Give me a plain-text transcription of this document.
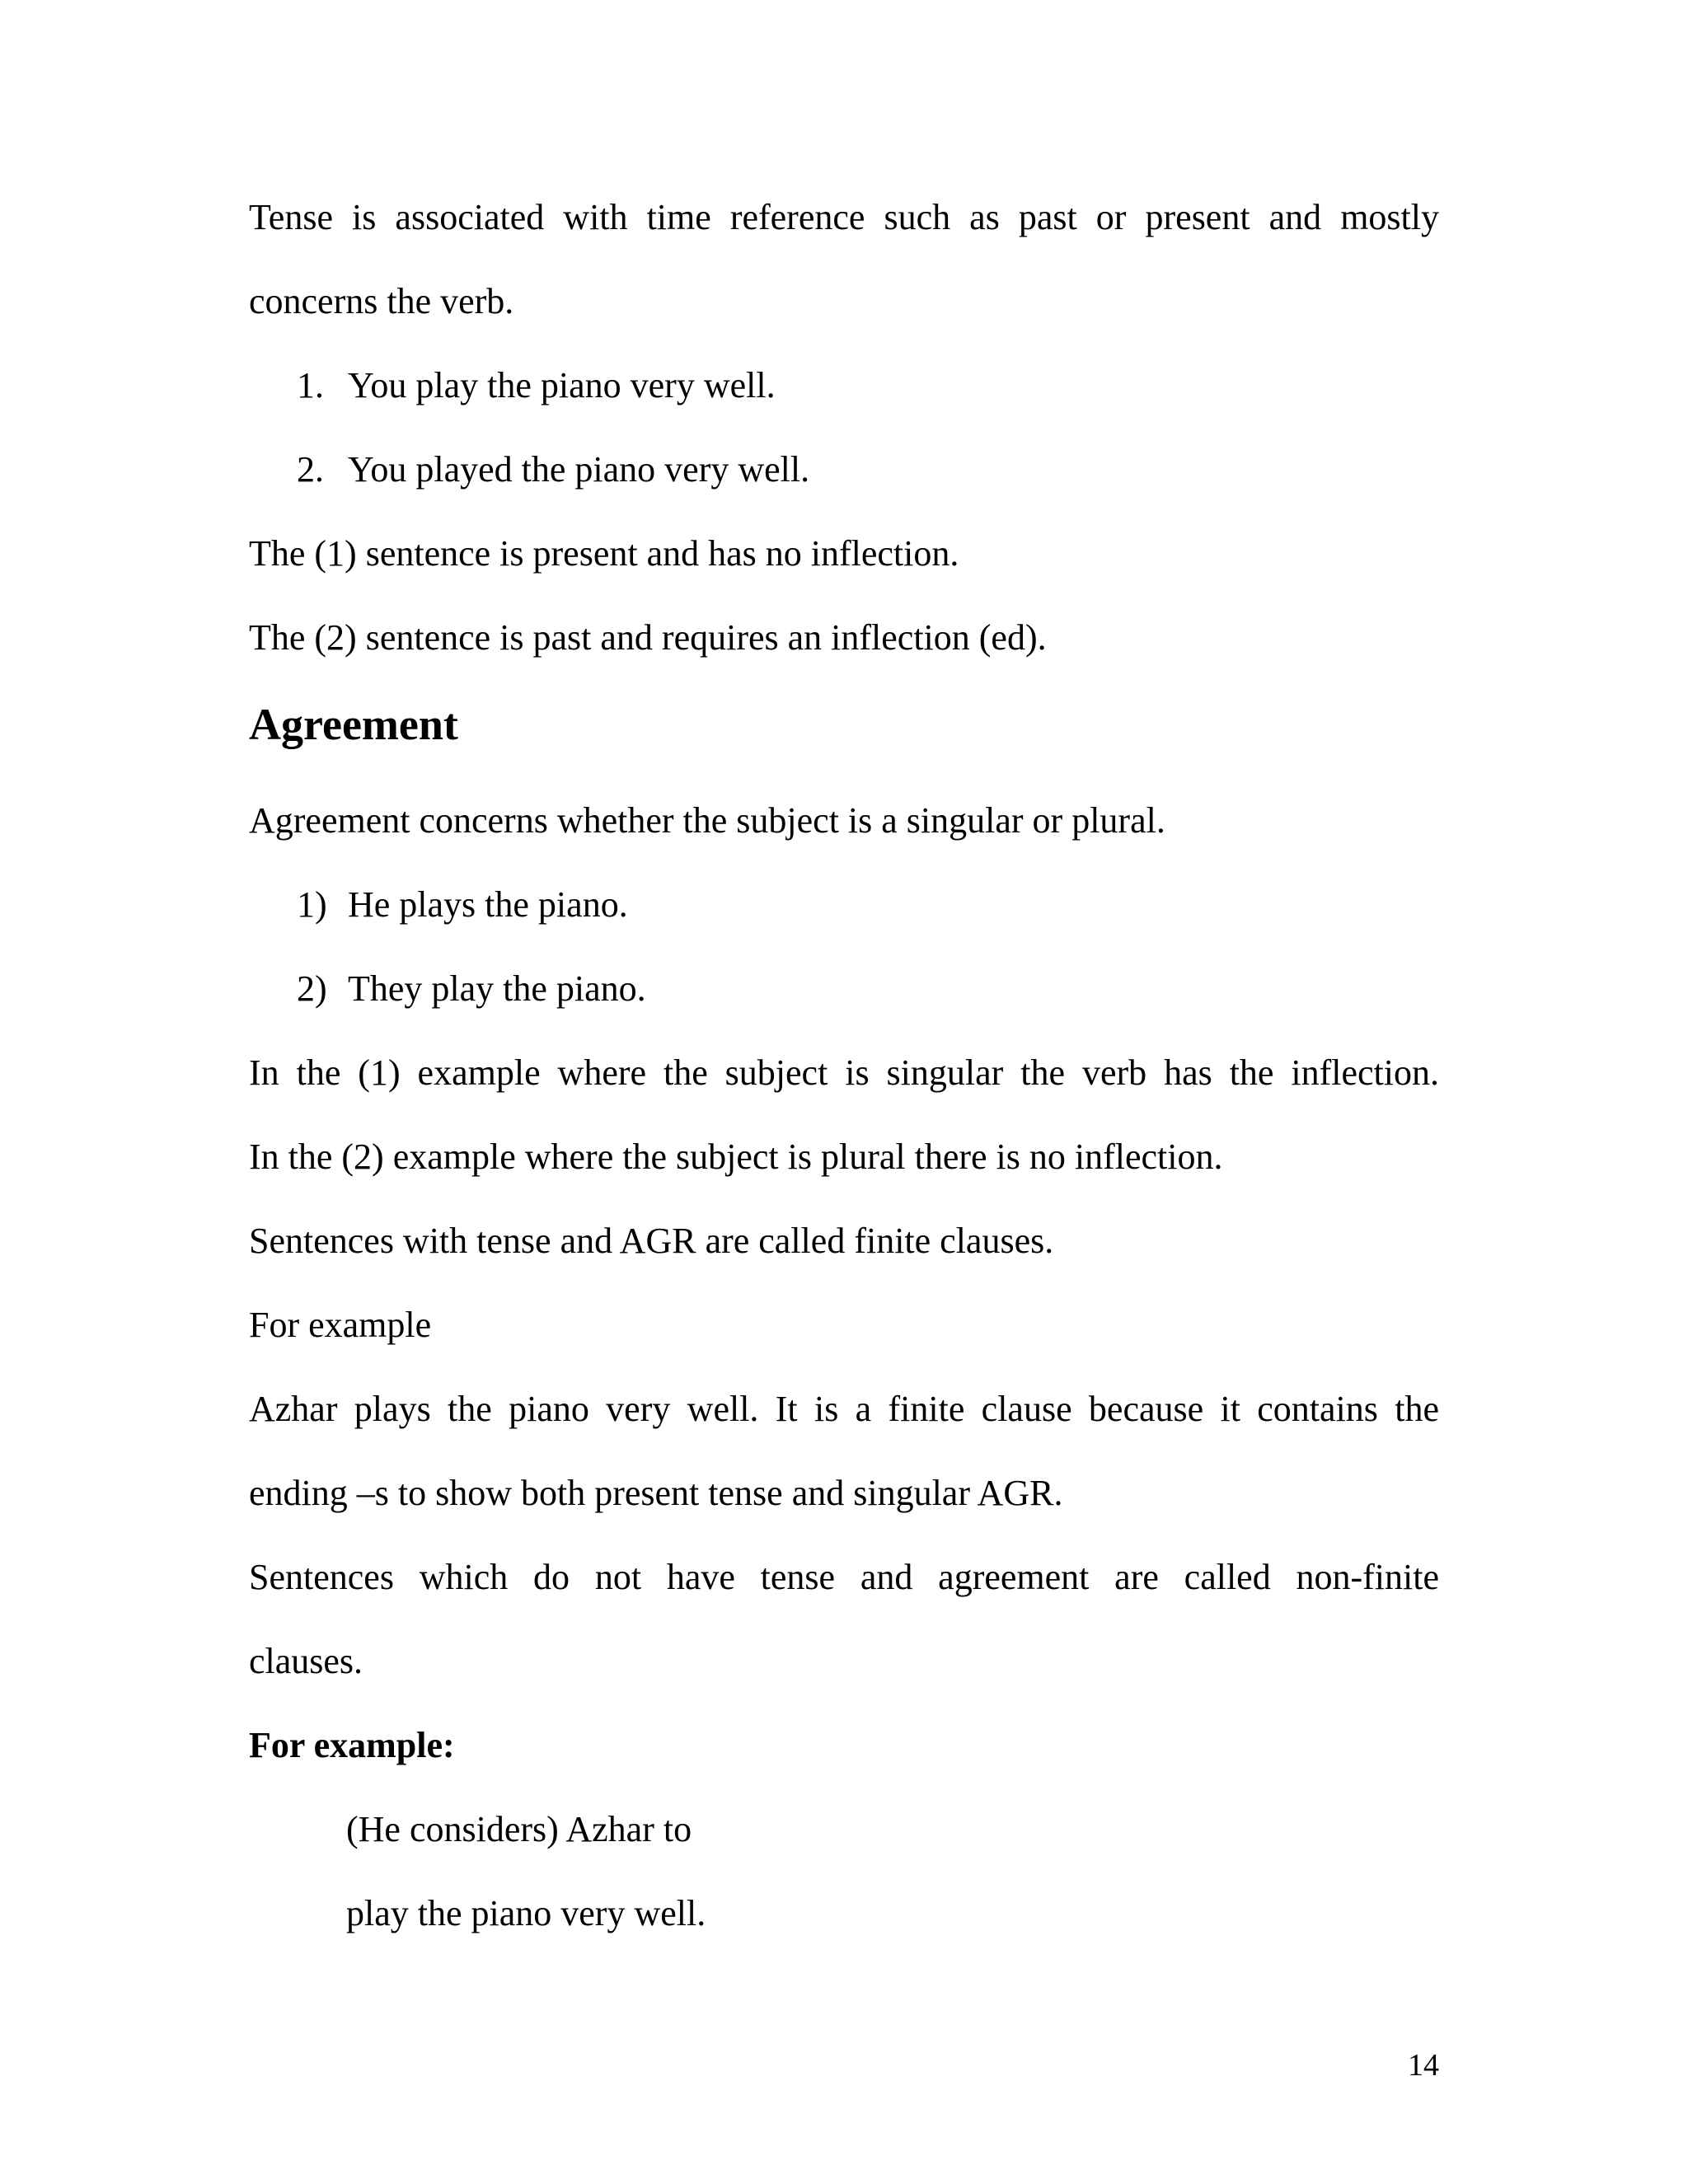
Tense is associated with time reference such as past or present and mostly
concerns the verb.
1. You play the piano very well.
2. You played the piano very well.
The (1) sentence is present and has no inflection.
The (2) sentence is past and requires an inflection (ed).
Agreement
Agreement concerns whether the subject is a singular or plural.
1) He plays the piano.
2) They play the piano.
In the (1) example where the subject is singular the verb has the inflection.
In the (2) example where the subject is plural there is no inflection.
Sentences with tense and AGR are called finite clauses.
For example
Azhar plays the piano very well. It is a finite clause because it contains the
ending –s to show both present tense and singular AGR.
Sentences which do not have tense and agreement are called non-finite
clauses.
For example:
(He considers) Azhar to
play the piano very well.
14
